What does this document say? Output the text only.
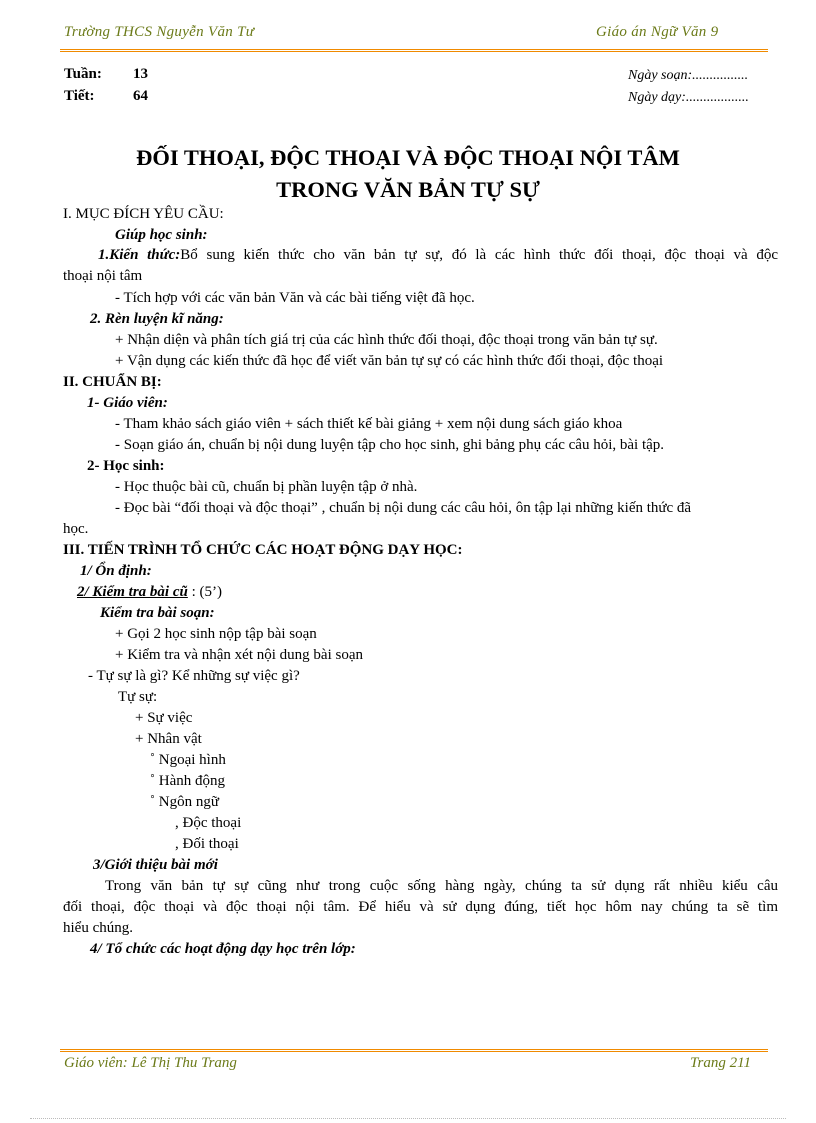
Trường THCS Nguyễn Văn Tư	Giáo án Ngữ Văn 9
Tuần: 13
Tiết:	64
Ngày soạn:................
Ngày dạy:..................
ĐỐI THOẠI, ĐỘC THOẠI VÀ ĐỘC THOẠI NỘI TÂM
TRONG VĂN BẢN TỰ SỰ
I. MỤC ĐÍCH YÊU CẦU:
Giúp học sinh:
1.Kiến thức:Bổ sung kiến thức cho văn bản tự sự, đó là các hình thức đối thoại, độc thoại và độc
thoại nội tâm
- Tích hợp với các văn bản Văn và các bài tiếng việt đã học.
2. Rèn luyện kĩ năng:
+ Nhận diện và phân tích giá trị của các hình thức đối thoại, độc thoại trong văn bản tự sự.
+ Vận dụng các kiến thức đã học để viết văn bản tự sự có các hình thức đối thoại, độc thoại
II. CHUẨN BỊ:
1- Giáo viên:
- Tham khảo sách giáo viên + sách thiết kế bài giảng + xem nội dung sách giáo khoa
- Soạn giáo án, chuẩn bị nội dung luyện tập cho học sinh, ghi bảng phụ các câu hỏi, bài tập.
2- Học sinh:
- Học thuộc bài cũ, chuẩn bị phần luyện tập ở nhà.
- Đọc bài “đối thoại và độc thoại” , chuẩn bị nội dung các câu hỏi, ôn tập lại những kiến thức đã
học.
III. TIẾN TRÌNH TỔ CHỨC CÁC HOẠT ĐỘNG DẠY HỌC:
1/ Ổn định:
2/ Kiểm tra bài cũ : (5’)
Kiểm tra bài soạn:
+ Gọi 2 học sinh nộp tập bài soạn
+ Kiểm tra và nhận xét nội dung bài soạn
- Tự sự là gì? Kể những sự việc gì?
Tự sự:
+ Sự việc
+ Nhân vật
˚ Ngoại hình
˚ Hành động
˚ Ngôn ngữ
, Độc thoại
, Đối thoại
3/Giới thiệu bài mới
Trong văn bản tự sự cũng như trong cuộc sống hàng ngày, chúng ta sử dụng rất nhiều kiểu câu
đối thoại, độc thoại và độc thoại nội tâm. Để hiểu và sử dụng đúng, tiết học hôm nay chúng ta sẽ tìm
hiểu chúng.
4/ Tổ chức các hoạt động dạy học trên lớp:
Giáo viên: Lê Thị Thu Trang	Trang 211
